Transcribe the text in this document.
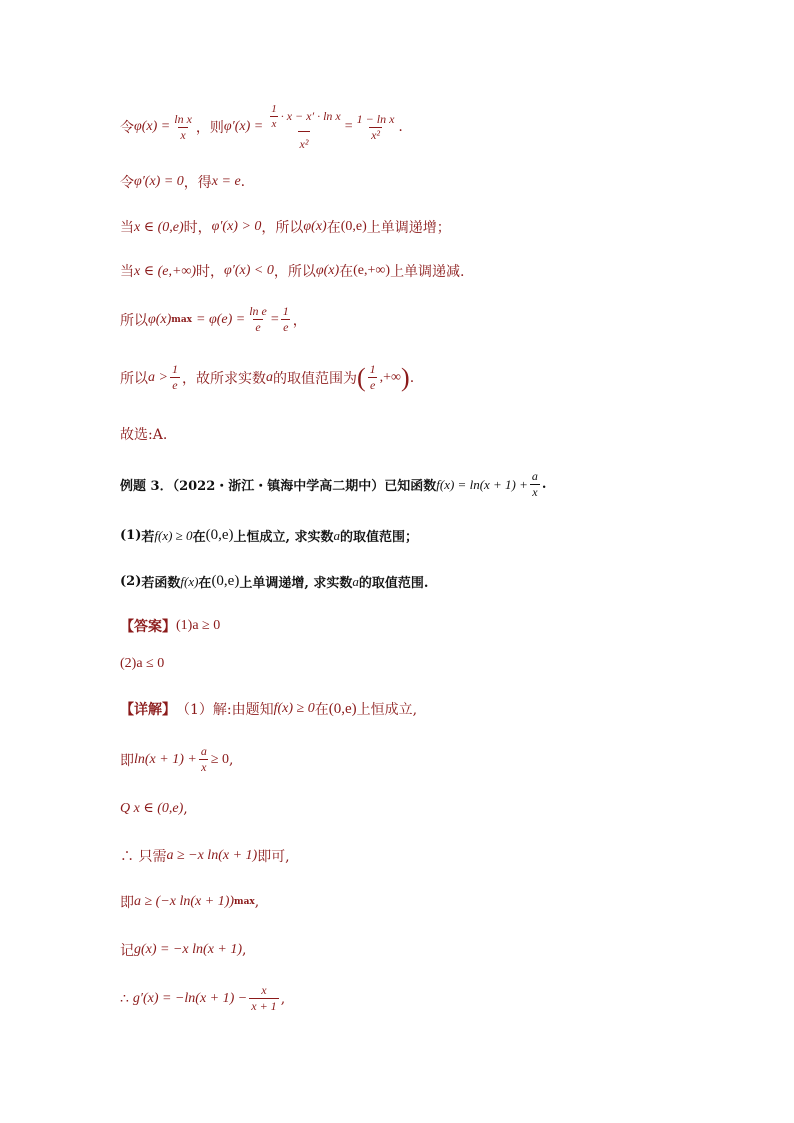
令 $\varphi(x) = \frac{\text{ln x}}{x}$ ，则 $\varphi'(x) = \frac{\frac{1}{x} \cdot x - x' \cdot \ln x}{\text{x²}} = \frac{\text{1 − ln x}}{\text{x²}}$ .
令 φ′(x) = 0 ，得 x = e .
当 x ∈ (0,e) 时， φ′(x) > 0 ，所以 φ(x) 在 (0,e) 上单调递增；
当 x ∈ (e,+∞) 时， φ′(x) < 0 ，所以 φ(x) 在 (e,+∞) 上单调递减.
所以 φ(x) $\max = \varphi(e) = \frac{\text{ln e}}{e} = \frac{1}{e}$ ，
所以 $a > \frac{1}{e}$ ，故所求实数 a 的取值范围为 ( $\frac{1}{e}$ ,+∞ ) .
故选:A.
例题 3．（2022・浙江・镇海中学高二期中）已知函数 $f(x) = \ln(x + 1) + \frac{a}{x}$ .
(1) 若 f(x) ≥ 0 在 (0,e) 上恒成立, 求实数 a 的取值范围；
(2) 若函数 f(x) 在 (0,e) 上单调递增, 求实数 a 的取值范围.
【答案】 (1)a ≥ 0
(2)a ≤ 0
【详解】 （1）解:由题知 f(x) ≥ 0 在 (0,e) 上恒成立,
即 $\ln(x + 1) + \frac{a}{x} \ge 0$ ,
Q x ∈ (0,e) ,
∴ 只需 a ≥ −x ln(x + 1) 即可,
即 a ≥ (−x ln(x + 1)) max ,
记 g(x) = −x ln(x + 1) ,
∴ $g'(x) = -\ln(x + 1) - \frac{x}{x + 1}$ ,
